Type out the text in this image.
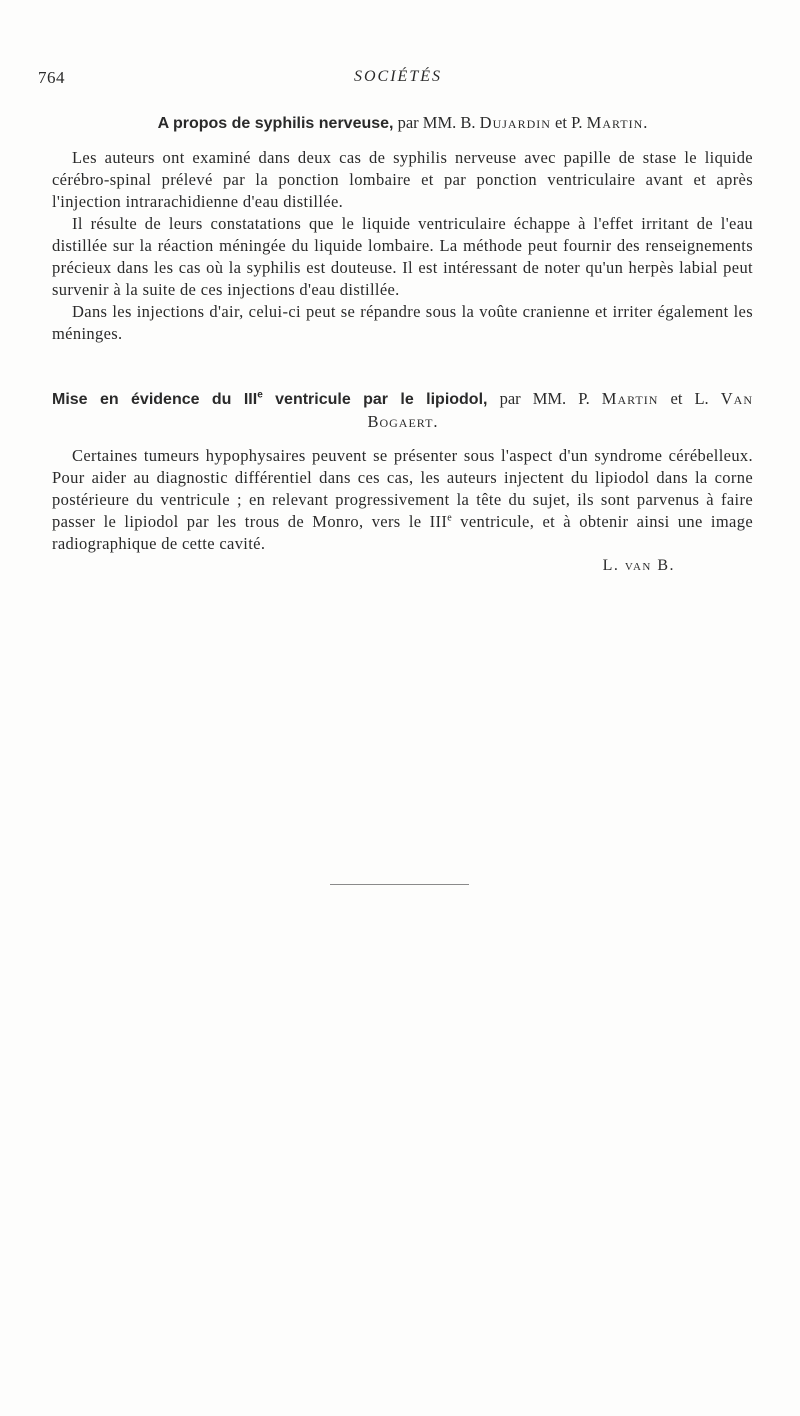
764	SOCIÉTÉS

A propos de syphilis nerveuse, par MM. B. Dujardin et P. Martin.

Les auteurs ont examiné dans deux cas de syphilis nerveuse avec papille de stase le liquide cérébro-spinal prélevé par la ponction lombaire et par ponction ventriculaire avant et après l'injection intrarachidienne d'eau distillée.

Il résulte de leurs constatations que le liquide ventriculaire échappe à l'effet irritant de l'eau distillée sur la réaction méningée du liquide lombaire. La méthode peut fournir des renseignements précieux dans les cas où la syphilis est douteuse. Il est intéressant de noter qu'un herpès labial peut survenir à la suite de ces injections d'eau distillée.

Dans les injections d'air, celui-ci peut se répandre sous la voûte cranienne et irriter également les méninges.

Mise en évidence du IIIe ventricule par le lipiodol, par MM. P. Martin et L. Van

Bogaert.

Certaines tumeurs hypophysaires peuvent se présenter sous l'aspect d'un syndrome cérébelleux. Pour aider au diagnostic différentiel dans ces cas, les auteurs injectent du lipiodol dans la corne postérieure du ventricule ; en relevant progressivement la tête du sujet, ils sont parvenus à faire passer le lipiodol par les trous de Monro, vers le IIIe ventricule, et à obtenir ainsi une image radiographique de cette cavité.

L. van B.
